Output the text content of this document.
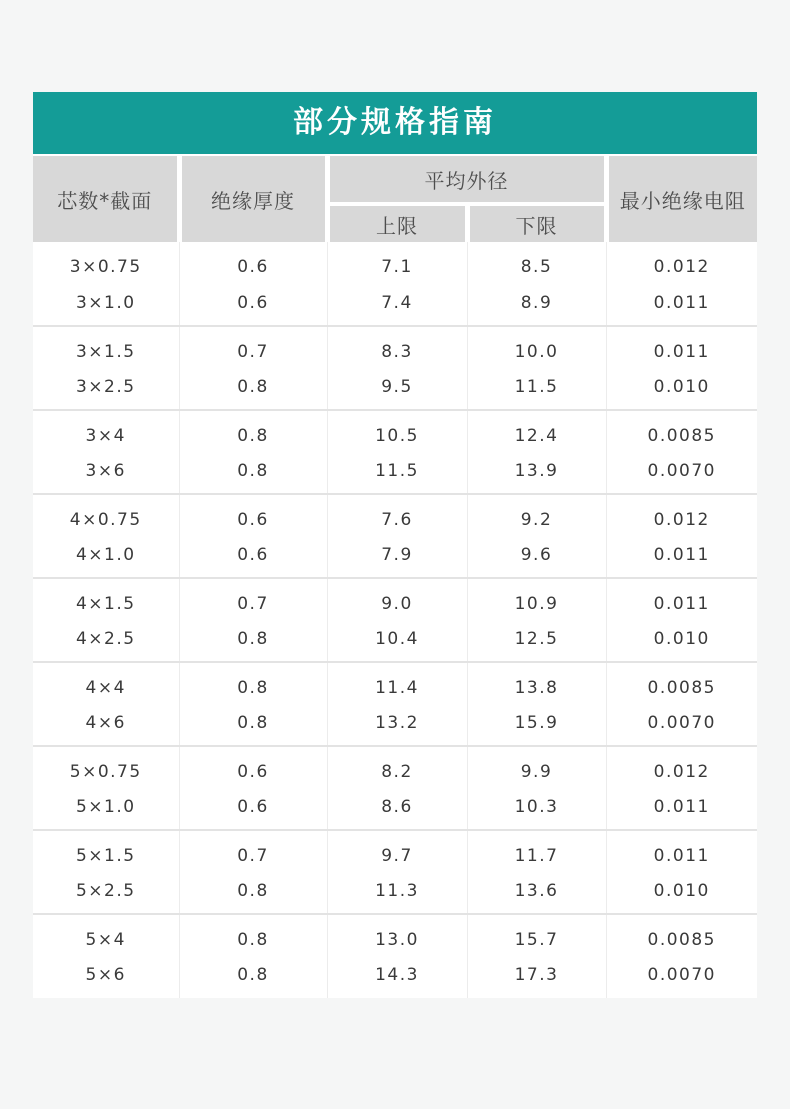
部分规格指南
芯数*截面	绝缘厚度	平均外径		最小绝缘电阻
		上限	下限	
3×0.75	0.6	7.1	8.5	0.012
3×1.0	0.6	7.4	8.9	0.011
3×1.5	0.7	8.3	10.0	0.011
3×2.5	0.8	9.5	11.5	0.010
3×4	0.8	10.5	12.4	0.0085
3×6	0.8	11.5	13.9	0.0070
4×0.75	0.6	7.6	9.2	0.012
4×1.0	0.6	7.9	9.6	0.011
4×1.5	0.7	9.0	10.9	0.011
4×2.5	0.8	10.4	12.5	0.010
4×4	0.8	11.4	13.8	0.0085
4×6	0.8	13.2	15.9	0.0070
5×0.75	0.6	8.2	9.9	0.012
5×1.0	0.6	8.6	10.3	0.011
5×1.5	0.7	9.7	11.7	0.011
5×2.5	0.8	11.3	13.6	0.010
5×4	0.8	13.0	15.7	0.0085
5×6	0.8	14.3	17.3	0.0070
